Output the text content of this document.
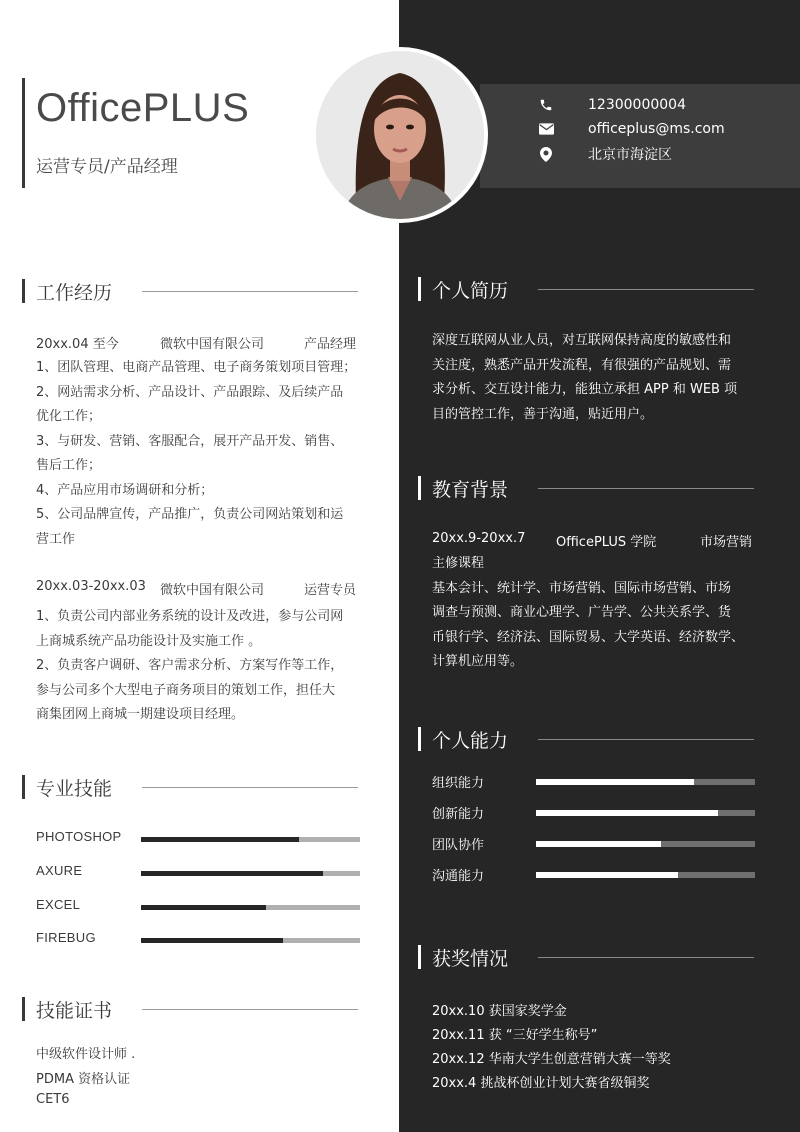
OfficePLUS
运营专员/产品经理
12300000004
officeplus@ms.com
北京市海淀区
工作经历
20xx.04 至今	微软中国有限公司	产品经理
1、团队管理、电商产品管理、电子商务策划项目管理；
2、网站需求分析、产品设计、产品跟踪、及后续产品
优化工作；
3、与研发、营销、客服配合，展开产品开发、销售、
售后工作；
4、产品应用市场调研和分析；
5、公司品牌宣传，产品推广，负责公司网站策划和运
营工作
20xx.03-20xx.03 微软中国有限公司	运营专员
1、负责公司内部业务系统的设计及改进，参与公司网
上商城系统产品功能设计及实施工作 。
2、负责客户调研、客户需求分析、方案写作等工作，
参与公司多个大型电子商务项目的策划工作，担任大
商集团网上商城一期建设项目经理。
专业技能
PHOTOSHOP
AXURE
EXCEL
FIREBUG
技能证书
中级软件设计师 .
PDMA 资格认证
CET6
个人简历
深度互联网从业人员，对互联网保持高度的敏感性和
关注度，熟悉产品开发流程，有很强的产品规划、需
求分析、交互设计能力，能独立承担 APP 和 WEB 项
目的管控工作，善于沟通，贴近用户。
教育背景
20xx.9-20xx.7 OfficePLUS 学院	市场营销
主修课程
基本会计、统计学、市场营销、国际市场营销、市场
调查与预测、商业心理学、广告学、公共关系学、货
币银行学、经济法、国际贸易、大学英语、经济数学、
计算机应用等。
个人能力
组织能力
创新能力
团队协作
沟通能力
获奖情况
20xx.10 获国家奖学金
20xx.11 获 “三好学生称号”
20xx.12 华南大学生创意营销大赛一等奖
20xx.4 挑战杯创业计划大赛省级铜奖
